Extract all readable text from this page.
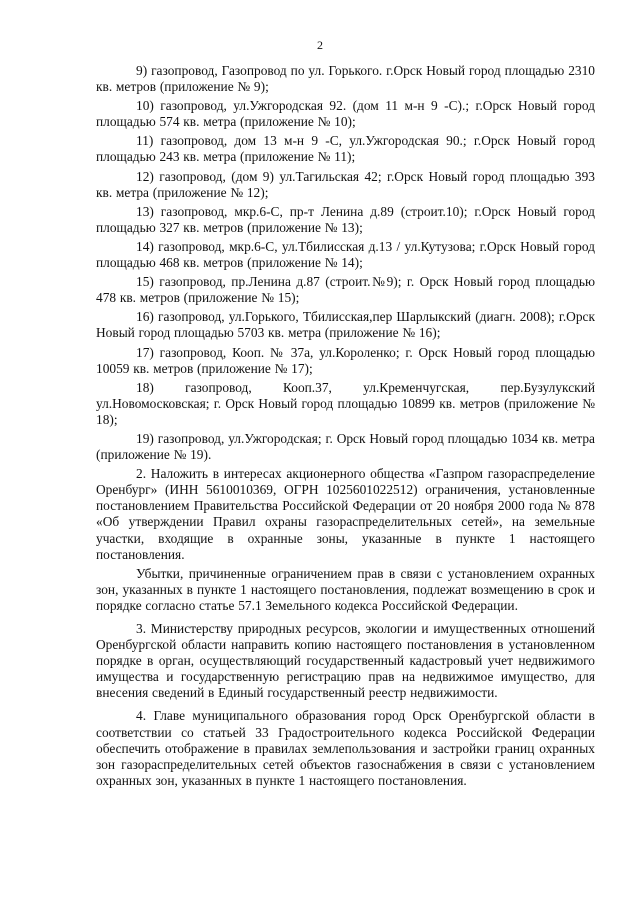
2

9) газопровод, Газопровод по ул. Горького. г.Орск Новый город площадью 2310 кв. метров (приложение № 9);

10) газопровод, ул.Ужгородская 92. (дом 11 м-н 9 -С).; г.Орск Новый город площадью 574 кв. метра (приложение № 10);

11) газопровод, дом 13 м-н 9 -С, ул.Ужгородская 90.; г.Орск Новый город площадью 243 кв. метра (приложение № 11);

12) газопровод, (дом 9) ул.Тагильская 42; г.Орск Новый город площадью 393 кв. метра (приложение № 12);

13) газопровод, мкр.6-С, пр-т Ленина д.89 (строит.10); г.Орск Новый город площадью 327 кв. метров (приложение № 13);

14) газопровод, мкр.6-С, ул.Тбилисская д.13 / ул.Кутузова; г.Орск Новый город площадью 468 кв. метров (приложение № 14);

15) газопровод, пр.Ленина д.87 (строит.№9); г. Орск Новый город площадью 478 кв. метров (приложение № 15);

16) газопровод, ул.Горького, Тбилисская,пер Шарлыкский (диагн. 2008); г.Орск Новый город площадью 5703 кв. метра (приложение № 16);

17) газопровод, Кооп. № 37а, ул.Короленко; г. Орск Новый город площадью 10059 кв. метров (приложение № 17);

18) газопровод, Кооп.37, ул.Кременчугская, пер.Бузулукский ул.Новомосковская; г. Орск Новый город площадью 10899 кв. метров (приложение № 18);

19) газопровод, ул.Ужгородская; г. Орск Новый город площадью 1034 кв. метра (приложение № 19).

2. Наложить в интересах акционерного общества «Газпром газораспределение Оренбург» (ИНН 5610010369, ОГРН 1025601022512) ограничения, установленные постановлением Правительства Российской Федерации от 20 ноября 2000 года № 878 «Об утверждении Правил охраны газораспределительных сетей», на земельные участки, входящие в охранные зоны, указанные в пункте 1 настоящего постановления.

Убытки, причиненные ограничением прав в связи с установлением охранных зон, указанных в пункте 1 настоящего постановления, подлежат возмещению в срок и порядке согласно статье 57.1 Земельного кодекса Российской Федерации.

3. Министерству природных ресурсов, экологии и имущественных отношений Оренбургской области направить копию настоящего постановления в установленном порядке в орган, осуществляющий государственный кадастровый учет недвижимого имущества и государственную регистрацию прав на недвижимое имущество, для внесения сведений в Единый государственный реестр недвижимости.

4. Главе муниципального образования город Орск Оренбургской области в соответствии со статьей 33 Градостроительного кодекса Российской Федерации обеспечить отображение в правилах землепользования и застройки границ охранных зон газораспределительных сетей объектов газоснабжения в связи с установлением охранных зон, указанных в пункте 1 настоящего постановления.
